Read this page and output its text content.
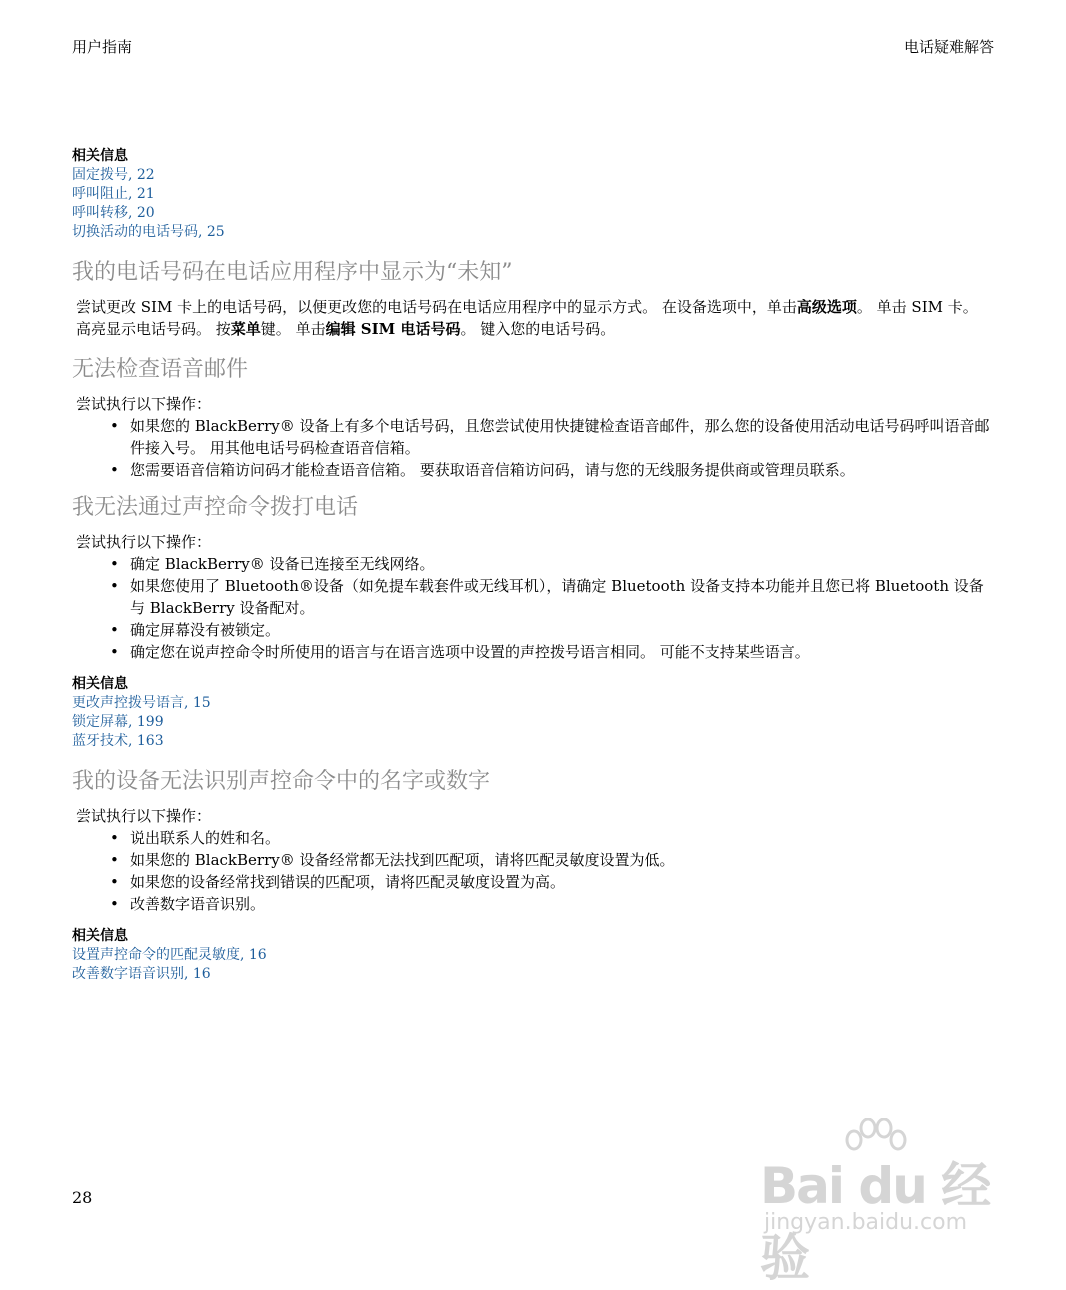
用户指南	电话疑难解答
相关信息
固定拨号, 22
呼叫阻止, 21
呼叫转移, 20
切换活动的电话号码, 25
我的电话号码在电话应用程序中显示为“未知”

尝试更改 SIM 卡上的电话号码，以便更改您的电话号码在电话应用程序中的显示方式。 在设备选项中，单击高级选项。 单击 SIM 卡。 高亮显示电话号码。 按菜单键。 单击编辑 SIM 电话号码。 键入您的电话号码。

无法检查语音邮件

尝试执行以下操作：

• 如果您的 BlackBerry® 设备上有多个电话号码，且您尝试使用快捷键检查语音邮件，那么您的设备使用活动电话号码呼叫语音邮件接入号。 用其他电话号码检查语音信箱。
• 您需要语音信箱访问码才能检查语音信箱。 要获取语音信箱访问码，请与您的无线服务提供商或管理员联系。
我无法通过声控命令拨打电话

尝试执行以下操作：

• 确定 BlackBerry® 设备已连接至无线网络。
• 如果您使用了 Bluetooth®设备（如免提车载套件或无线耳机），请确定 Bluetooth 设备支持本功能并且您已将 Bluetooth 设备与 BlackBerry 设备配对。
• 确定屏幕没有被锁定。
• 确定您在说声控命令时所使用的语言与在语言选项中设置的声控拨号语言相同。 可能不支持某些语言。
相关信息
更改声控拨号语言, 15
锁定屏幕, 199
蓝牙技术, 163
我的设备无法识别声控命令中的名字或数字

尝试执行以下操作：

• 说出联系人的姓和名。
• 如果您的 BlackBerry® 设备经常都无法找到匹配项，请将匹配灵敏度设置为低。
• 如果您的设备经常找到错误的匹配项，请将匹配灵敏度设置为高。
• 改善数字语音识别。
相关信息
设置声控命令的匹配灵敏度, 16
改善数字语音识别, 16
28	Bai du 经验
jingyan.baidu.com
